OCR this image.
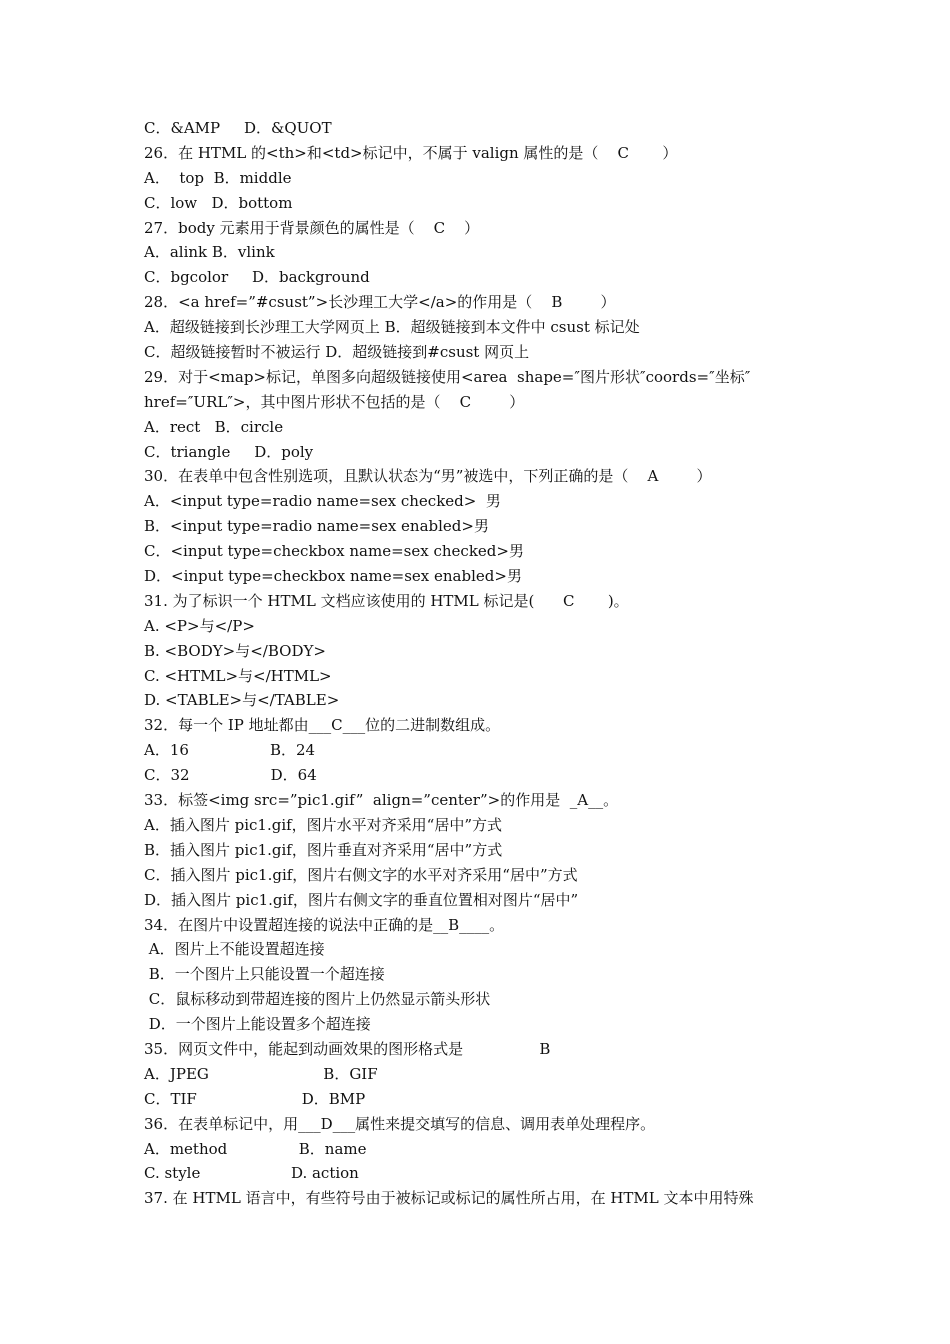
C．&AMP     D．&QUOT
26．在 HTML 的<th>和<td>标记中，不属于 valign 属性的是（    C       ）
A．  top  B．middle
C．low   D．bottom
27．body 元素用于背景颜色的属性是（    C    ）
A．alink B．vlink
C．bgcolor     D．background
28．<a href=”#csust”>长沙理工大学</a>的作用是（    B        ）
A．超级链接到长沙理工大学网页上 B．超级链接到本文件中 csust 标记处
C．超级链接暂时不被运行 D．超级链接到#csust 网页上
29．对于<map>标记，单图多向超级链接使用<area  shape=″图片形状″coords=″坐标″
href=″URL″>，其中图片形状不包括的是（    C        ）
A．rect   B．circle
C．triangle     D．poly
30．在表单中包含性别选项，且默认状态为“男”被选中，下列正确的是（    A        ）
A．<input type=radio name=sex checked>  男
B．<input type=radio name=sex enabled>男
C．<input type=checkbox name=sex checked>男
D．<input type=checkbox name=sex enabled>男
31. 为了标识一个 HTML 文档应该使用的 HTML 标记是(      C       )。
A. <P>与</P>
B. <BODY>与</BODY>
C. <HTML>与</HTML>
D. <TABLE>与</TABLE>
32．每一个 IP 地址都由___C___位的二进制数组成。
A．16                 B．24
C．32                 D．64
33．标签<img src=”pic1.gif”  align=”center”>的作用是  _A__。
A．插入图片 pic1.gif，图片水平对齐采用“居中”方式
B．插入图片 pic1.gif，图片垂直对齐采用“居中”方式
C．插入图片 pic1.gif，图片右侧文字的水平对齐采用“居中”方式
D．插入图片 pic1.gif，图片右侧文字的垂直位置相对图片“居中”
34．在图片中设置超连接的说法中正确的是__B____。
A．图片上不能设置超连接
B．一个图片上只能设置一个超连接
C．鼠标移动到带超连接的图片上仍然显示箭头形状
D．一个图片上能设置多个超连接
35．网页文件中，能起到动画效果的图形格式是                B
A．JPEG                        B．GIF
C．TIF                      D．BMP
36．在表单标记中，用___D___属性来提交填写的信息、调用表单处理程序。
A．method               B．name
C. style                   D. action
37. 在 HTML 语言中，有些符号由于被标记或标记的属性所占用，在 HTML 文本中用特殊
